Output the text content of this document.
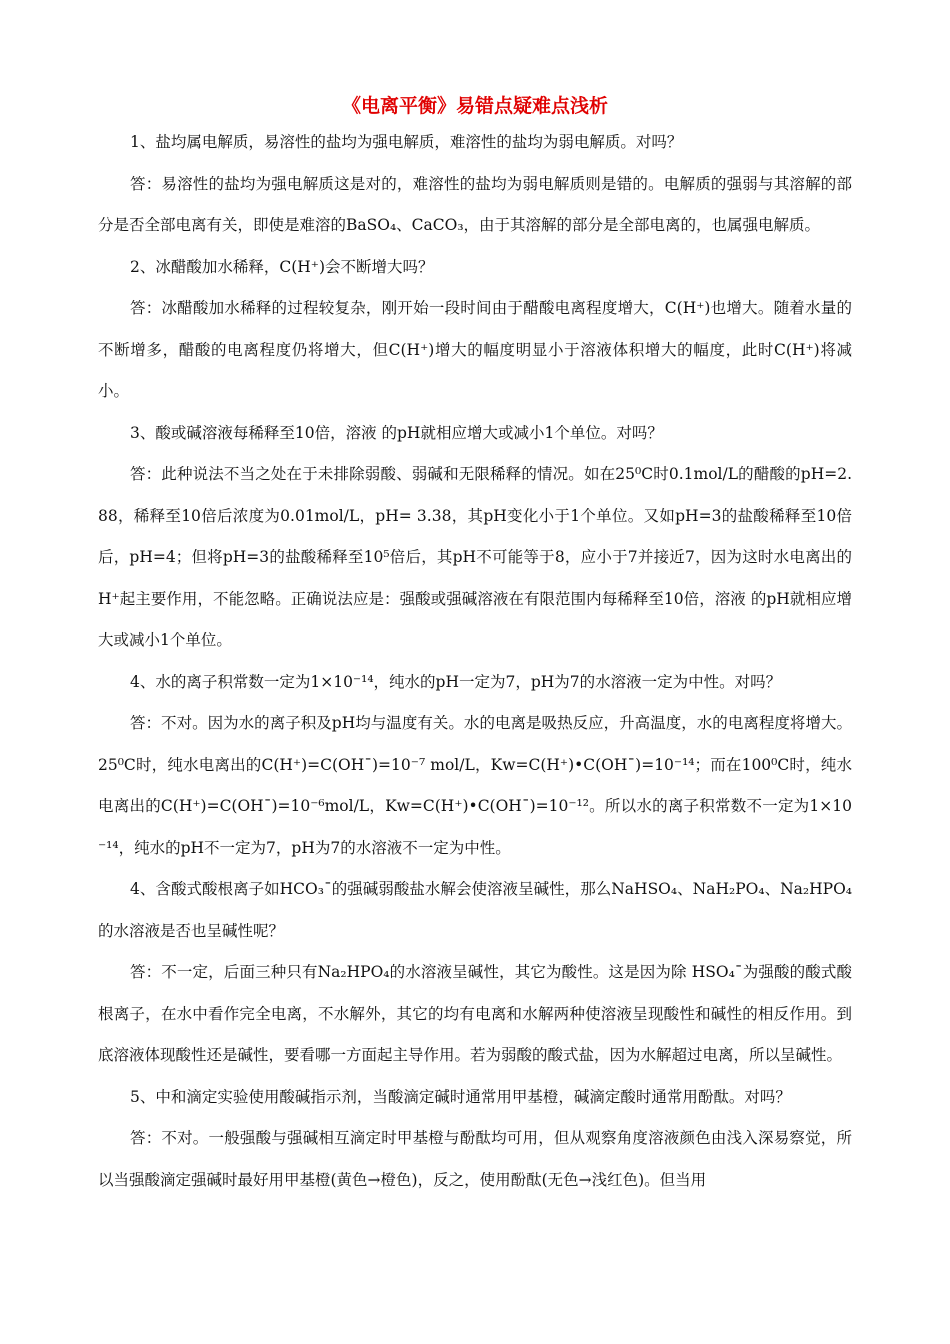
《电离平衡》易错点疑难点浅析

1、盐均属电解质，易溶性的盐均为强电解质，难溶性的盐均为弱电解质。对吗？

答：易溶性的盐均为强电解质这是对的，难溶性的盐均为弱电解质则是错的。电解质的强弱与其溶解的部分是否全部电离有关，即使是难溶的BaSO₄、CaCO₃，由于其溶解的部分是全部电离的，也属强电解质。

2、冰醋酸加水稀释，C(H⁺)会不断增大吗？

答：冰醋酸加水稀释的过程较复杂，刚开始一段时间由于醋酸电离程度增大，C(H⁺)也增大。随着水量的不断增多，醋酸的电离程度仍将增大，但C(H⁺)增大的幅度明显小于溶液体积增大的幅度，此时C(H⁺)将减小。

3、酸或碱溶液每稀释至10倍，溶液 的pH就相应增大或减小1个单位。对吗？

答：此种说法不当之处在于未排除弱酸、弱碱和无限稀释的情况。如在25⁰C时0.1mol/L的醋酸的pH=2.88，稀释至10倍后浓度为0.01mol/L，pH= 3.38，其pH变化小于1个单位。又如pH=3的盐酸稀释至10倍后，pH=4；但将pH=3的盐酸稀释至10⁵倍后，其pH不可能等于8，应小于7并接近7，因为这时水电离出的H⁺起主要作用，不能忽略。正确说法应是：强酸或强碱溶液在有限范围内每稀释至10倍，溶液 的pH就相应增大或减小1个单位。

4、水的离子积常数一定为1×10⁻¹⁴，纯水的pH一定为7，pH为7的水溶液一定为中性。对吗？

答：不对。因为水的离子积及pH均与温度有关。水的电离是吸热反应，升高温度，水的电离程度将增大。25⁰C时，纯水电离出的C(H⁺)=C(OH¯)=10⁻⁷ mol/L，Kw=C(H⁺)•C(OH¯)=10⁻¹⁴；而在100⁰C时，纯水电离出的C(H⁺)=C(OH¯)=10⁻⁶mol/L，Kw=C(H⁺)•C(OH¯)=10⁻¹²。所以水的离子积常数不一定为1×10⁻¹⁴，纯水的pH不一定为7，pH为7的水溶液不一定为中性。

4、含酸式酸根离子如HCO₃¯的强碱弱酸盐水解会使溶液呈碱性，那么NaHSO₄、NaH₂PO₄、Na₂HPO₄的水溶液是否也呈碱性呢？

答：不一定，后面三种只有Na₂HPO₄的水溶液呈碱性，其它为酸性。这是因为除 HSO₄¯为强酸的酸式酸根离子，在水中看作完全电离，不水解外，其它的均有电离和水解两种使溶液呈现酸性和碱性的相反作用。到底溶液体现酸性还是碱性，要看哪一方面起主导作用。若为弱酸的酸式盐，因为水解超过电离，所以呈碱性。

5、中和滴定实验使用酸碱指示剂，当酸滴定碱时通常用甲基橙，碱滴定酸时通常用酚酞。对吗？

答：不对。一般强酸与强碱相互滴定时甲基橙与酚酞均可用，但从观察角度溶液颜色由浅入深易察觉，所以当强酸滴定强碱时最好用甲基橙(黄色→橙色)，反之，使用酚酞(无色→浅红色)。但当用
